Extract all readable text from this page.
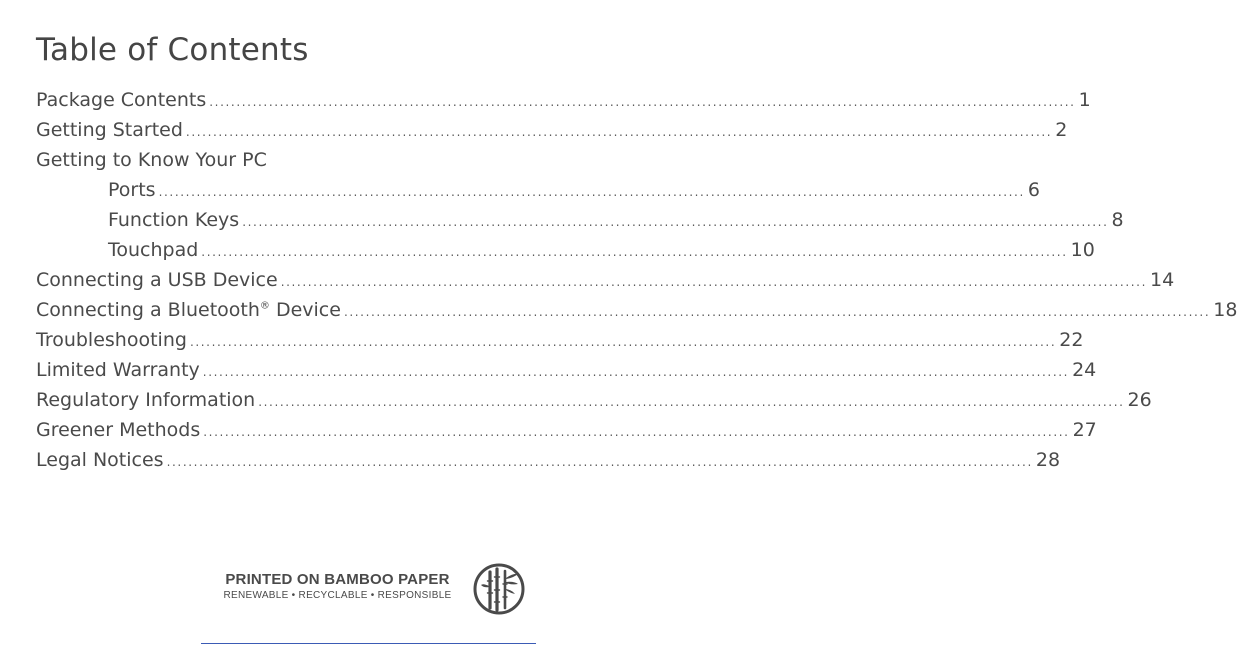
Table of Contents
Package Contents ................................................................................................................................................................ 1
Getting Started ................................................................................................................................................................ 2
Getting to Know Your PC
Ports ................................................................................................................................................................ 6
Function Keys ................................................................................................................................................................ 8
Touchpad ................................................................................................................................................................ 10
Connecting a USB Device ................................................................................................................................................................ 14
Connecting a Bluetooth® Device ................................................................................................................................................................ 18
Troubleshooting ................................................................................................................................................................ 22
Limited Warranty ................................................................................................................................................................ 24
Regulatory Information ................................................................................................................................................................ 26
Greener Methods ................................................................................................................................................................ 27
Legal Notices ................................................................................................................................................................ 28
PRINTED ON BAMBOO PAPER
RENEWABLE • RECYCLABLE • RESPONSIBLE
